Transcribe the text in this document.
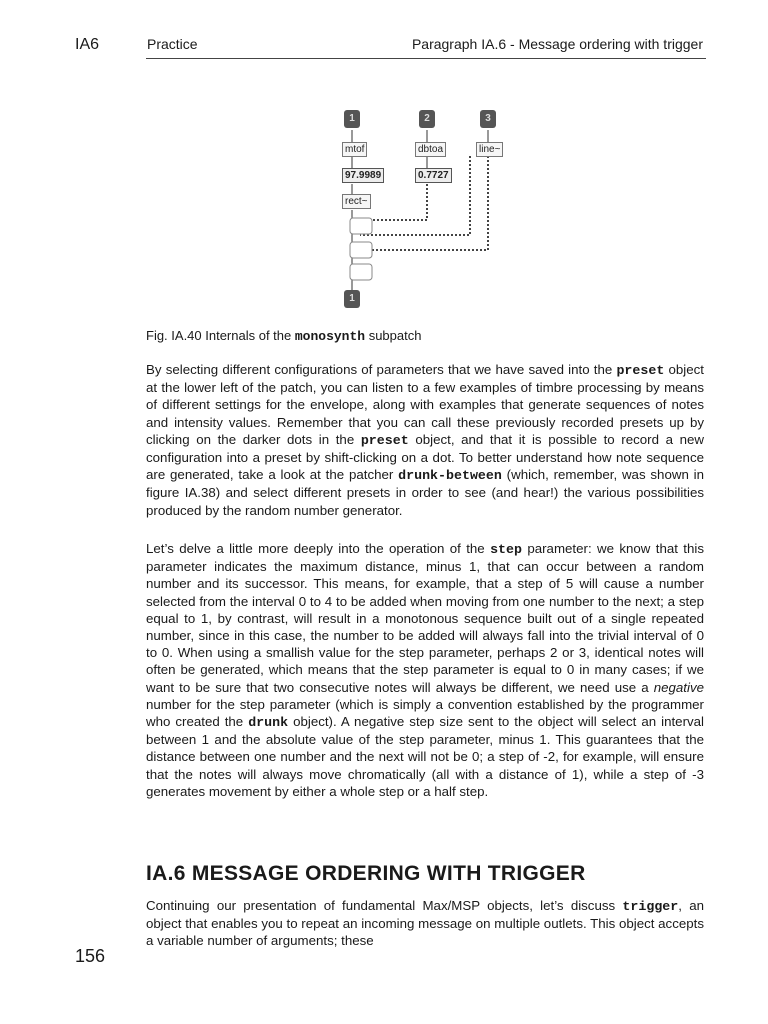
IA6	Practice	Paragraph IA.6 - Message ordering with trigger
1	2	3
mtof	dbtoa	line~
97.9989	0.7727
rect~
1
Fig. IA.40 Internals of the monosynth subpatch
By selecting different configurations of parameters that we have saved into the preset object at the lower left of the patch, you can listen to a few examples of timbre processing by means of different settings for the envelope, along with examples that generate sequences of notes and intensity values. Remember that you can call these previously recorded presets up by clicking on the darker dots in the preset object, and that it is possible to record a new configuration into a preset by shift-clicking on a dot. To better understand how note sequence are generated, take a look at the patcher drunk-between (which, remember, was shown in figure IA.38) and select different presets in order to see (and hear!) the various possibilities produced by the random number generator.
Let’s delve a little more deeply into the operation of the step parameter: we know that this parameter indicates the maximum distance, minus 1, that can occur between a random number and its successor. This means, for example, that a step of 5 will cause a number selected from the interval 0 to 4 to be added when moving from one number to the next; a step equal to 1, by contrast, will result in a monotonous sequence built out of a single repeated number, since in this case, the number to be added will always fall into the trivial interval of 0 to 0. When using a smallish value for the step parameter, perhaps 2 or 3, identical notes will often be generated, which means that the step parameter is equal to 0 in many cases; if we want to be sure that two consecutive notes will always be different, we need use a negative number for the step parameter (which is simply a convention established by the programmer who created the drunk object). A negative step size sent to the object will select an interval between 1 and the absolute value of the step parameter, minus 1. This guarantees that the distance between one number and the next will not be 0; a step of -2, for example, will ensure that the notes will always move chromatically (all with a distance of 1), while a step of -3 generates movement by either a whole step or a half step.
IA.6 MESSAGE ORDERING WITH TRIGGER
Continuing our presentation of fundamental Max/MSP objects, let’s discuss trigger, an object that enables you to repeat an incoming message on multiple outlets. This object accepts a variable number of arguments; these
156
